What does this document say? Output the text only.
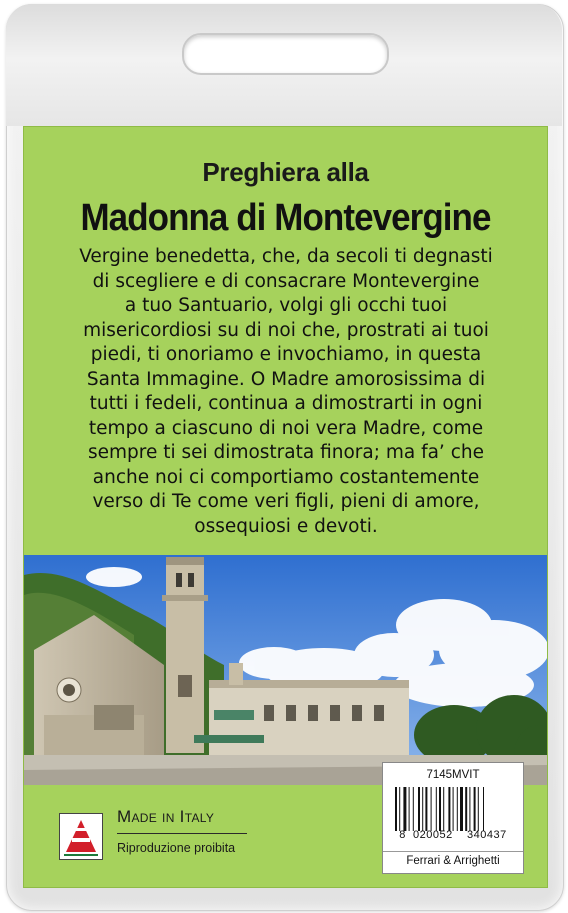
Preghiera alla
Madonna di Montevergine
Vergine benedetta, che, da secoli ti degnasti
di scegliere e di consacrare Montevergine
a tuo Santuario, volgi gli occhi tuoi
misericordiosi su di noi che, prostrati ai tuoi
piedi, ti onoriamo e invochiamo, in questa
Santa Immagine. O Madre amorosissima di
tutti i fedeli, continua a dimostrarti in ogni
tempo a ciascuno di noi vera Madre, come
sempre ti sei dimostrata finora; ma fa’ che
anche noi ci comportiamo costantemente
verso di Te come veri figli, pieni di amore,
ossequiosi e devoti.
Made in Italy
Riproduzione proibita
7145MVIT
8 020052 340437
Ferrari & Arrighetti
